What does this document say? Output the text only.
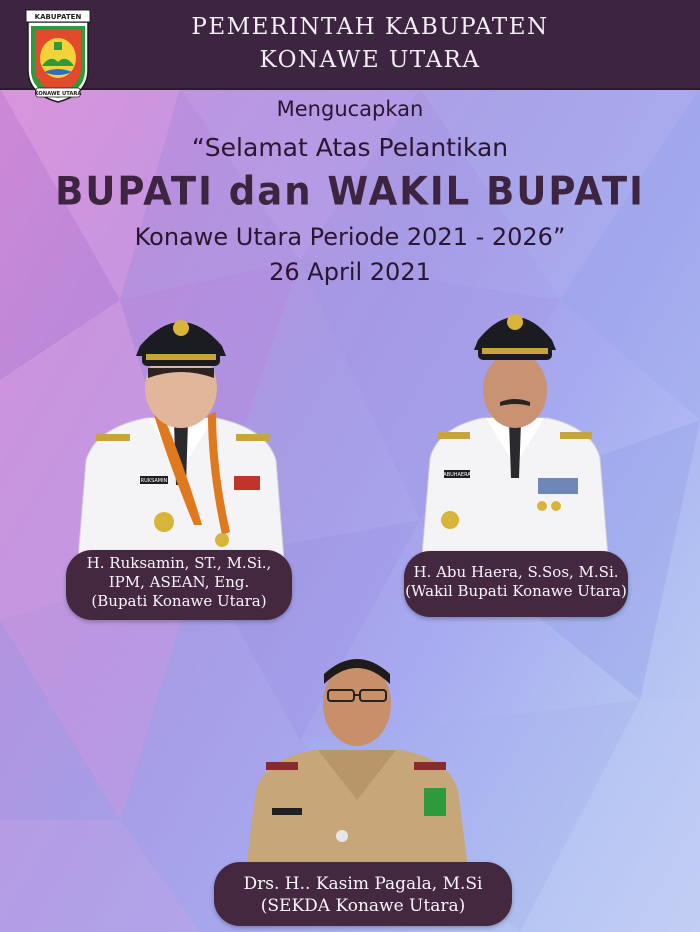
PEMERINTAH KABUPATEN
KONAWE UTARA
KABUPATEN
KONAWE UTARA
Mengucapkan
“Selamat Atas Pelantikan
BUPATI dan WAKIL BUPATI
Konawe Utara Periode 2021 - 2026”
26 April 2021
RUKSAMIN
H. Ruksamin, ST., M.Si.,
IPM, ASEAN, Eng.
(Bupati Konawe Utara)
ABUHAERA
H. Abu Haera, S.Sos, M.Si.
(Wakil Bupati Konawe Utara)
Drs. H.. Kasim Pagala, M.Si
(SEKDA Konawe Utara)
